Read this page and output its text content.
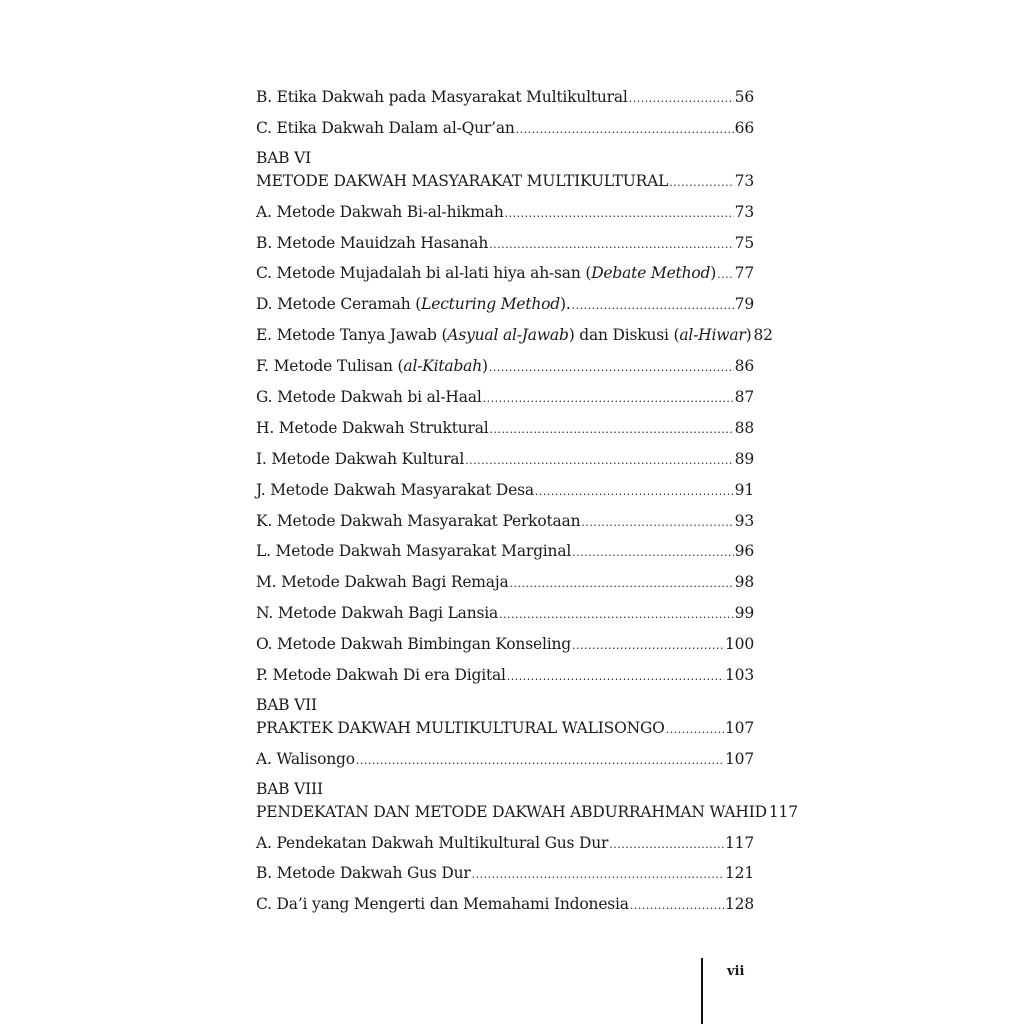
B. Etika Dakwah pada Masyarakat Multikultural .....	56
C. Etika Dakwah Dalam al-Qur’an .....	66
BAB VI
METODE DAKWAH MASYARAKAT MULTIKULTURAL .....	73
A. Metode Dakwah Bi-al-hikmah .....	73
B. Metode Mauidzah Hasanah .....	75
C. Metode Mujadalah bi al-lati hiya ah-san (Debate Method) ..... 77
D. Metode Ceramah (Lecturing Method). .....	79
E. Metode Tanya Jawab (Asyual al-Jawab) dan Diskusi (al-Hiwar) 82
F. Metode Tulisan (al-Kitabah) .....	86
G. Metode Dakwah bi al-Haal .....	87
H. Metode Dakwah Struktural .....	88
I. Metode Dakwah Kultural .....	89
J. Metode Dakwah Masyarakat Desa .....	91
K. Metode Dakwah Masyarakat Perkotaan .....	93
L. Metode Dakwah Masyarakat Marginal .....	96
M. Metode Dakwah Bagi Remaja .....	98
N. Metode Dakwah Bagi Lansia .....	99
O. Metode Dakwah Bimbingan Konseling .....	100
P. Metode Dakwah Di era Digital .....	103
BAB VII
PRAKTEK DAKWAH MULTIKULTURAL WALISONGO .....	107
A. Walisongo .....	107
BAB VIII
PENDEKATAN DAN METODE DAKWAH ABDURRAHMAN WAHID 117
A. Pendekatan Dakwah Multikultural Gus Dur .....	117
B. Metode Dakwah Gus Dur .....	121
C. Da’i yang Mengerti dan Memahami Indonesia .....	128
vii
